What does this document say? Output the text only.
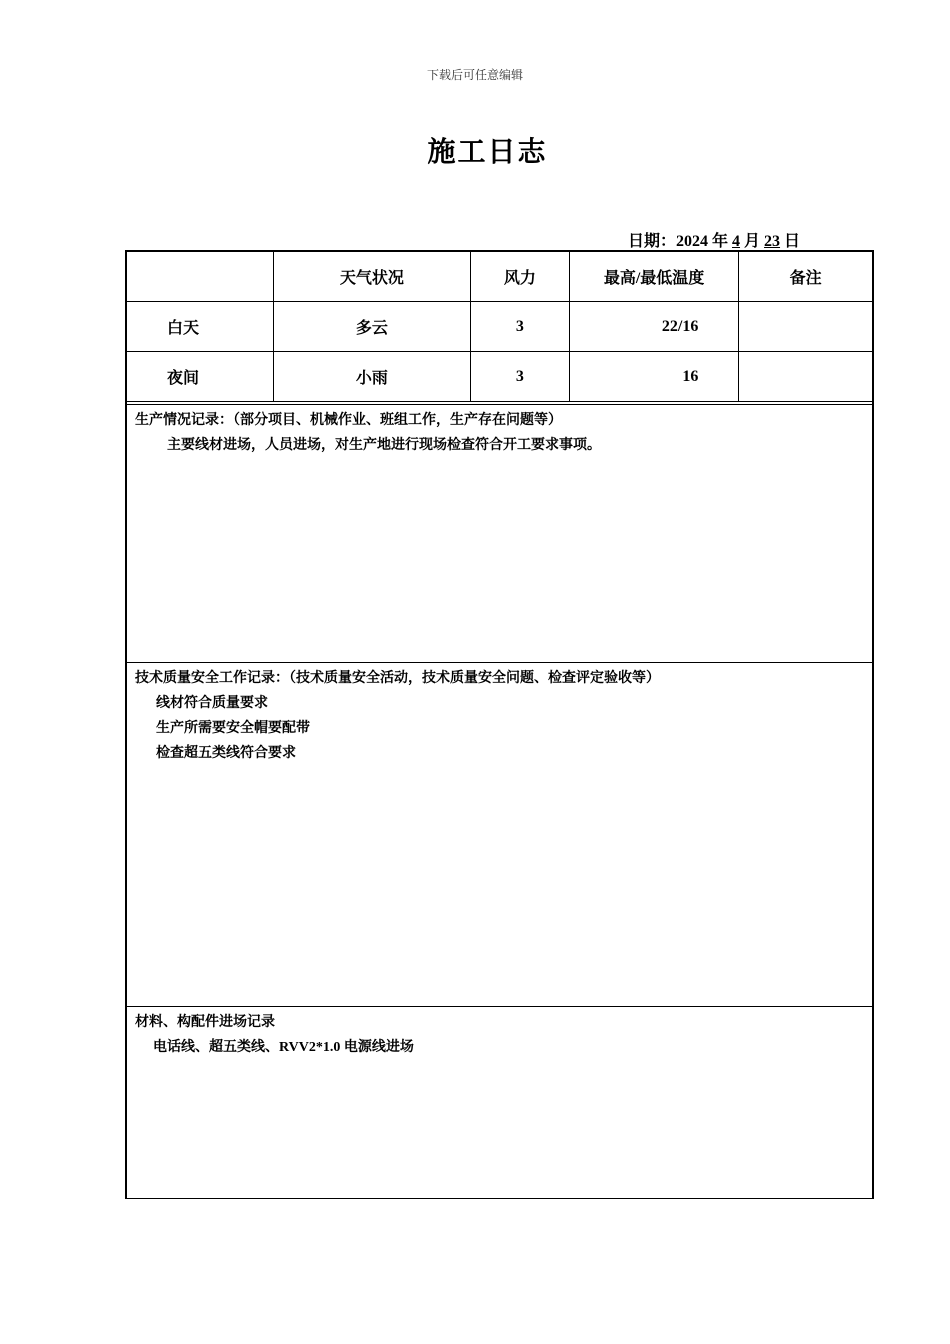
下载后可任意编辑
施工日志
日期：2024 年 4 月 23 日
	天气状况	风力	最高/最低温度	备注
白天	多云	3	22/16	
夜间	小雨	3	16	
生产情况记录：（部分项目、机械作业、班组工作，生产存在问题等）
主要线材进场，人员进场，对生产地进行现场检查符合开工要求事项。
技术质量安全工作记录：（技术质量安全活动，技术质量安全问题、检查评定验收等）
线材符合质量要求
生产所需要安全帽要配带
检查超五类线符合要求
材料、构配件进场记录
电话线、超五类线、RVV2*1.0 电源线进场
